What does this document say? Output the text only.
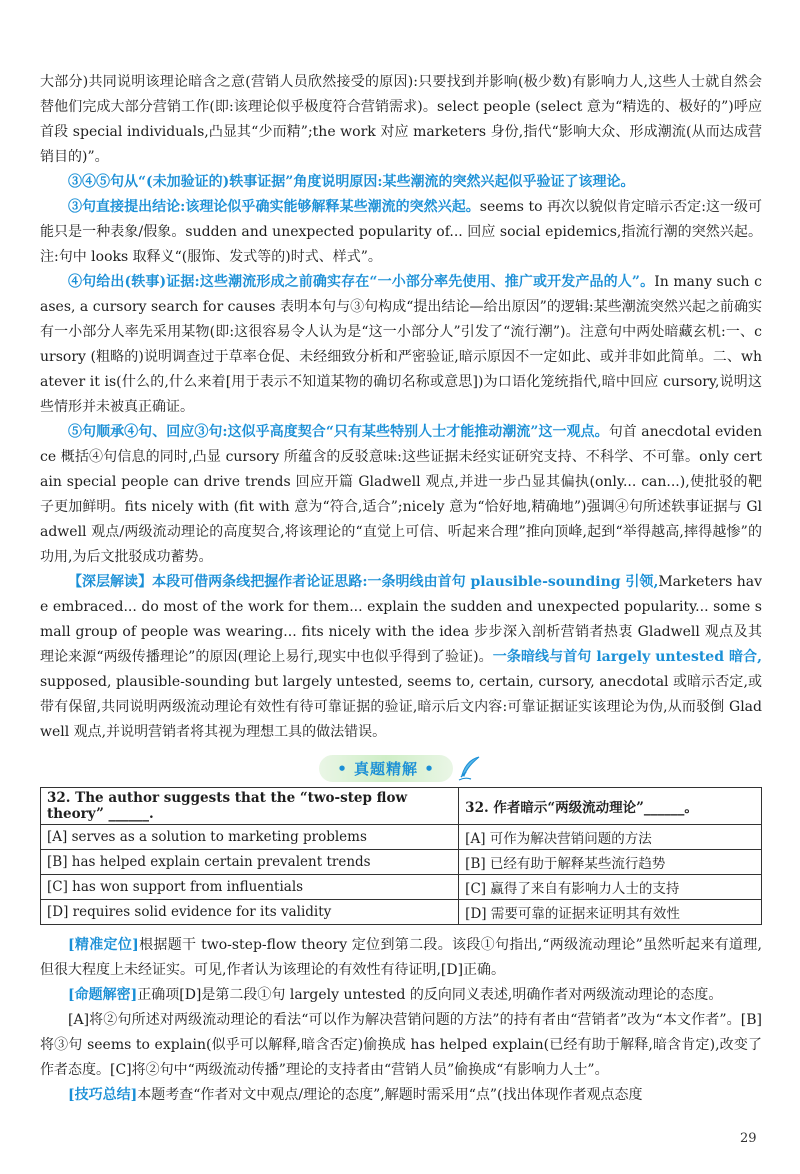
大部分)共同说明该理论暗含之意(营销人员欣然接受的原因):只要找到并影响(极少数)有影响力人,这些人士就自然会替他们完成大部分营销工作(即:该理论似乎极度符合营销需求)。select people (select 意为“精选的、极好的”)呼应首段 special individuals,凸显其“少而精”;the work 对应 marketers 身份,指代“影响大众、形成潮流(从而达成营销目的)”。

③④⑤句从“(未加验证的)轶事证据”角度说明原因:某些潮流的突然兴起似乎验证了该理论。

③句直接提出结论:该理论似乎确实能够解释某些潮流的突然兴起。seems to 再次以貌似肯定暗示否定:这一级可能只是一种表象/假象。sudden and unexpected popularity of... 回应 social epidemics,指流行潮的突然兴起。注:句中 looks 取释义“(服饰、发式等的)时式、样式”。

④句给出(轶事)证据:这些潮流形成之前确实存在“一小部分率先使用、推广或开发产品的人”。In many such cases, a cursory search for causes 表明本句与③句构成“提出结论—给出原因”的逻辑:某些潮流突然兴起之前确实有一小部分人率先采用某物(即:这很容易令人认为是“这一小部分人”引发了“流行潮”)。注意句中两处暗藏玄机:一、cursory (粗略的)说明调查过于草率仓促、未经细致分析和严密验证,暗示原因不一定如此、或并非如此简单。二、whatever it is(什么的,什么来着[用于表示不知道某物的确切名称或意思])为口语化笼统指代,暗中回应 cursory,说明这些情形并未被真正确证。

⑤句顺承④句、回应③句:这似乎高度契合“只有某些特别人士才能推动潮流”这一观点。句首 anecdotal evidence 概括④句信息的同时,凸显 cursory 所蕴含的反驳意味:这些证据未经实证研究支持、不科学、不可靠。only certain special people can drive trends 回应开篇 Gladwell 观点,并进一步凸显其偏执(only... can...),使批驳的靶子更加鲜明。fits nicely with (fit with 意为“符合,适合”;nicely 意为“恰好地,精确地”)强调④句所述轶事证据与 Gladwell 观点/两级流动理论的高度契合,将该理论的“直觉上可信、听起来合理”推向顶峰,起到“举得越高,摔得越惨”的功用,为后文批驳成功蓄势。

【深层解读】本段可借两条线把握作者论证思路:一条明线由首句 plausible-sounding 引领,Marketers have embraced... do most of the work for them... explain the sudden and unexpected popularity... some small group of people was wearing... fits nicely with the idea 步步深入剖析营销者热衷 Gladwell 观点及其理论来源“两级传播理论”的原因(理论上易行,现实中也似乎得到了验证)。一条暗线与首句 largely untested 暗合,supposed, plausible-sounding but largely untested, seems to, certain, cursory, anecdotal 或暗示否定,或带有保留,共同说明两级流动理论有效性有待可靠证据的验证,暗示后文内容:可靠证据证实该理论为伪,从而驳倒 Gladwell 观点,并说明营销者将其视为理想工具的做法错误。

• 真题精解 •
32. The author suggests that the “two-step flow theory” ______.	32. 作者暗示“两级流动理论”______。
[A] serves as a solution to marketing problems	[A] 可作为解决营销问题的方法
[B] has helped explain certain prevalent trends	[B] 已经有助于解释某些流行趋势
[C] has won support from influentials	[C] 赢得了来自有影响力人士的支持
[D] requires solid evidence for its validity	[D] 需要可靠的证据来证明其有效性

[精准定位]根据题干 two-step-flow theory 定位到第二段。该段①句指出,“两级流动理论”虽然听起来有道理,但很大程度上未经证实。可见,作者认为该理论的有效性有待证明,[D]正确。

[命题解密]正确项[D]是第二段①句 largely untested 的反向同义表述,明确作者对两级流动理论的态度。

[A]将②句所述对两级流动理论的看法“可以作为解决营销问题的方法”的持有者由“营销者”改为“本文作者”。[B]将③句 seems to explain(似乎可以解释,暗含否定)偷换成 has helped explain(已经有助于解释,暗含肯定),改变了作者态度。[C]将②句中“两级流动传播”理论的支持者由“营销人员”偷换成“有影响力人士”。

[技巧总结]本题考查“作者对文中观点/理论的态度”,解题时需采用“点”(找出体现作者观点态度

29
